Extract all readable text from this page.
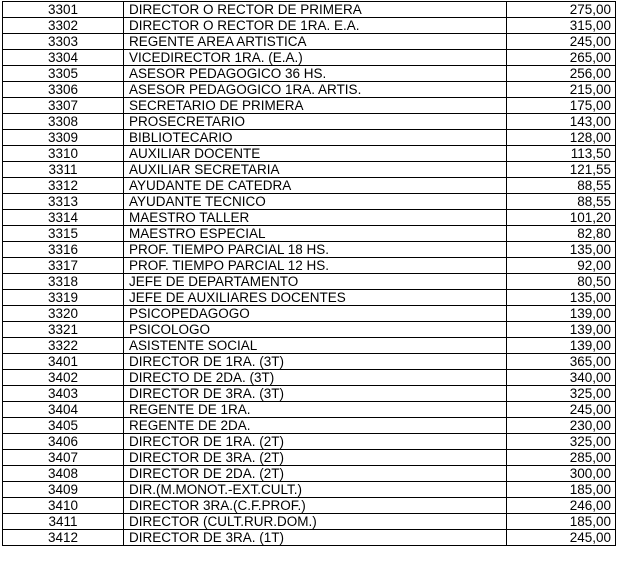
3301	DIRECTOR O RECTOR DE PRIMERA	275,00
3302	DIRECTOR O RECTOR DE 1RA. E.A.	315,00
3303	REGENTE AREA ARTISTICA	245,00
3304	VICEDIRECTOR 1RA. (E.A.)	265,00
3305	ASESOR PEDAGOGICO 36 HS.	256,00
3306	ASESOR PEDAGOGICO 1RA. ARTIS.	215,00
3307	SECRETARIO DE PRIMERA	175,00
3308	PROSECRETARIO	143,00
3309	BIBLIOTECARIO	128,00
3310	AUXILIAR DOCENTE	113,50
3311	AUXILIAR SECRETARIA	121,55
3312	AYUDANTE DE CATEDRA	88,55
3313	AYUDANTE TECNICO	88,55
3314	MAESTRO TALLER	101,20
3315	MAESTRO ESPECIAL	82,80
3316	PROF. TIEMPO PARCIAL 18 HS.	135,00
3317	PROF. TIEMPO PARCIAL 12 HS.	92,00
3318	JEFE DE DEPARTAMENTO	80,50
3319	JEFE DE AUXILIARES DOCENTES	135,00
3320	PSICOPEDAGOGO	139,00
3321	PSICOLOGO	139,00
3322	ASISTENTE SOCIAL	139,00
3401	DIRECTOR DE 1RA. (3T)	365,00
3402	DIRECTO DE 2DA. (3T)	340,00
3403	DIRECTOR DE 3RA. (3T)	325,00
3404	REGENTE DE 1RA.	245,00
3405	REGENTE DE 2DA.	230,00
3406	DIRECTOR DE 1RA. (2T)	325,00
3407	DIRECTOR DE 3RA. (2T)	285,00
3408	DIRECTOR DE 2DA. (2T)	300,00
3409	DIR.(M.MONOT.-EXT.CULT.)	185,00
3410	DIRECTOR 3RA.(C.F.PROF.)	246,00
3411	DIRECTOR (CULT.RUR.DOM.)	185,00
3412	DIRECTOR DE 3RA. (1T)	245,00
